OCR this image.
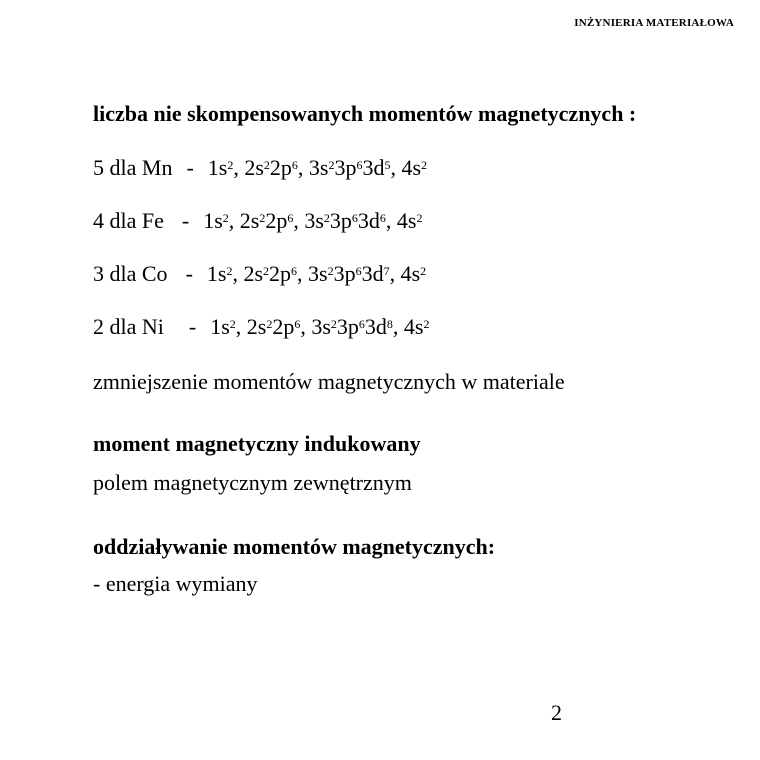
INŻYNIERIA MATERIAŁOWA
liczba nie skompensowanych momentów magnetycznych :
5 dla Mn - $1s^2$, $2s^22p^6$, $3s^23p^63d^5$, $4s^2$
4 dla Fe - $1s^2$, $2s^22p^6$, $3s^23p^63d^6$, $4s^2$
3 dla Co - $1s^2$, $2s^22p^6$, $3s^23p^63d^7$, $4s^2$
2 dla Ni - $1s^2$, $2s^22p^6$, $3s^23p^63d^8$, $4s^2$
zmniejszenie momentów magnetycznych w materiale
moment magnetyczny indukowany
polem magnetycznym zewnętrznym
oddziaływanie momentów magnetycznych:
- energia wymiany
2
